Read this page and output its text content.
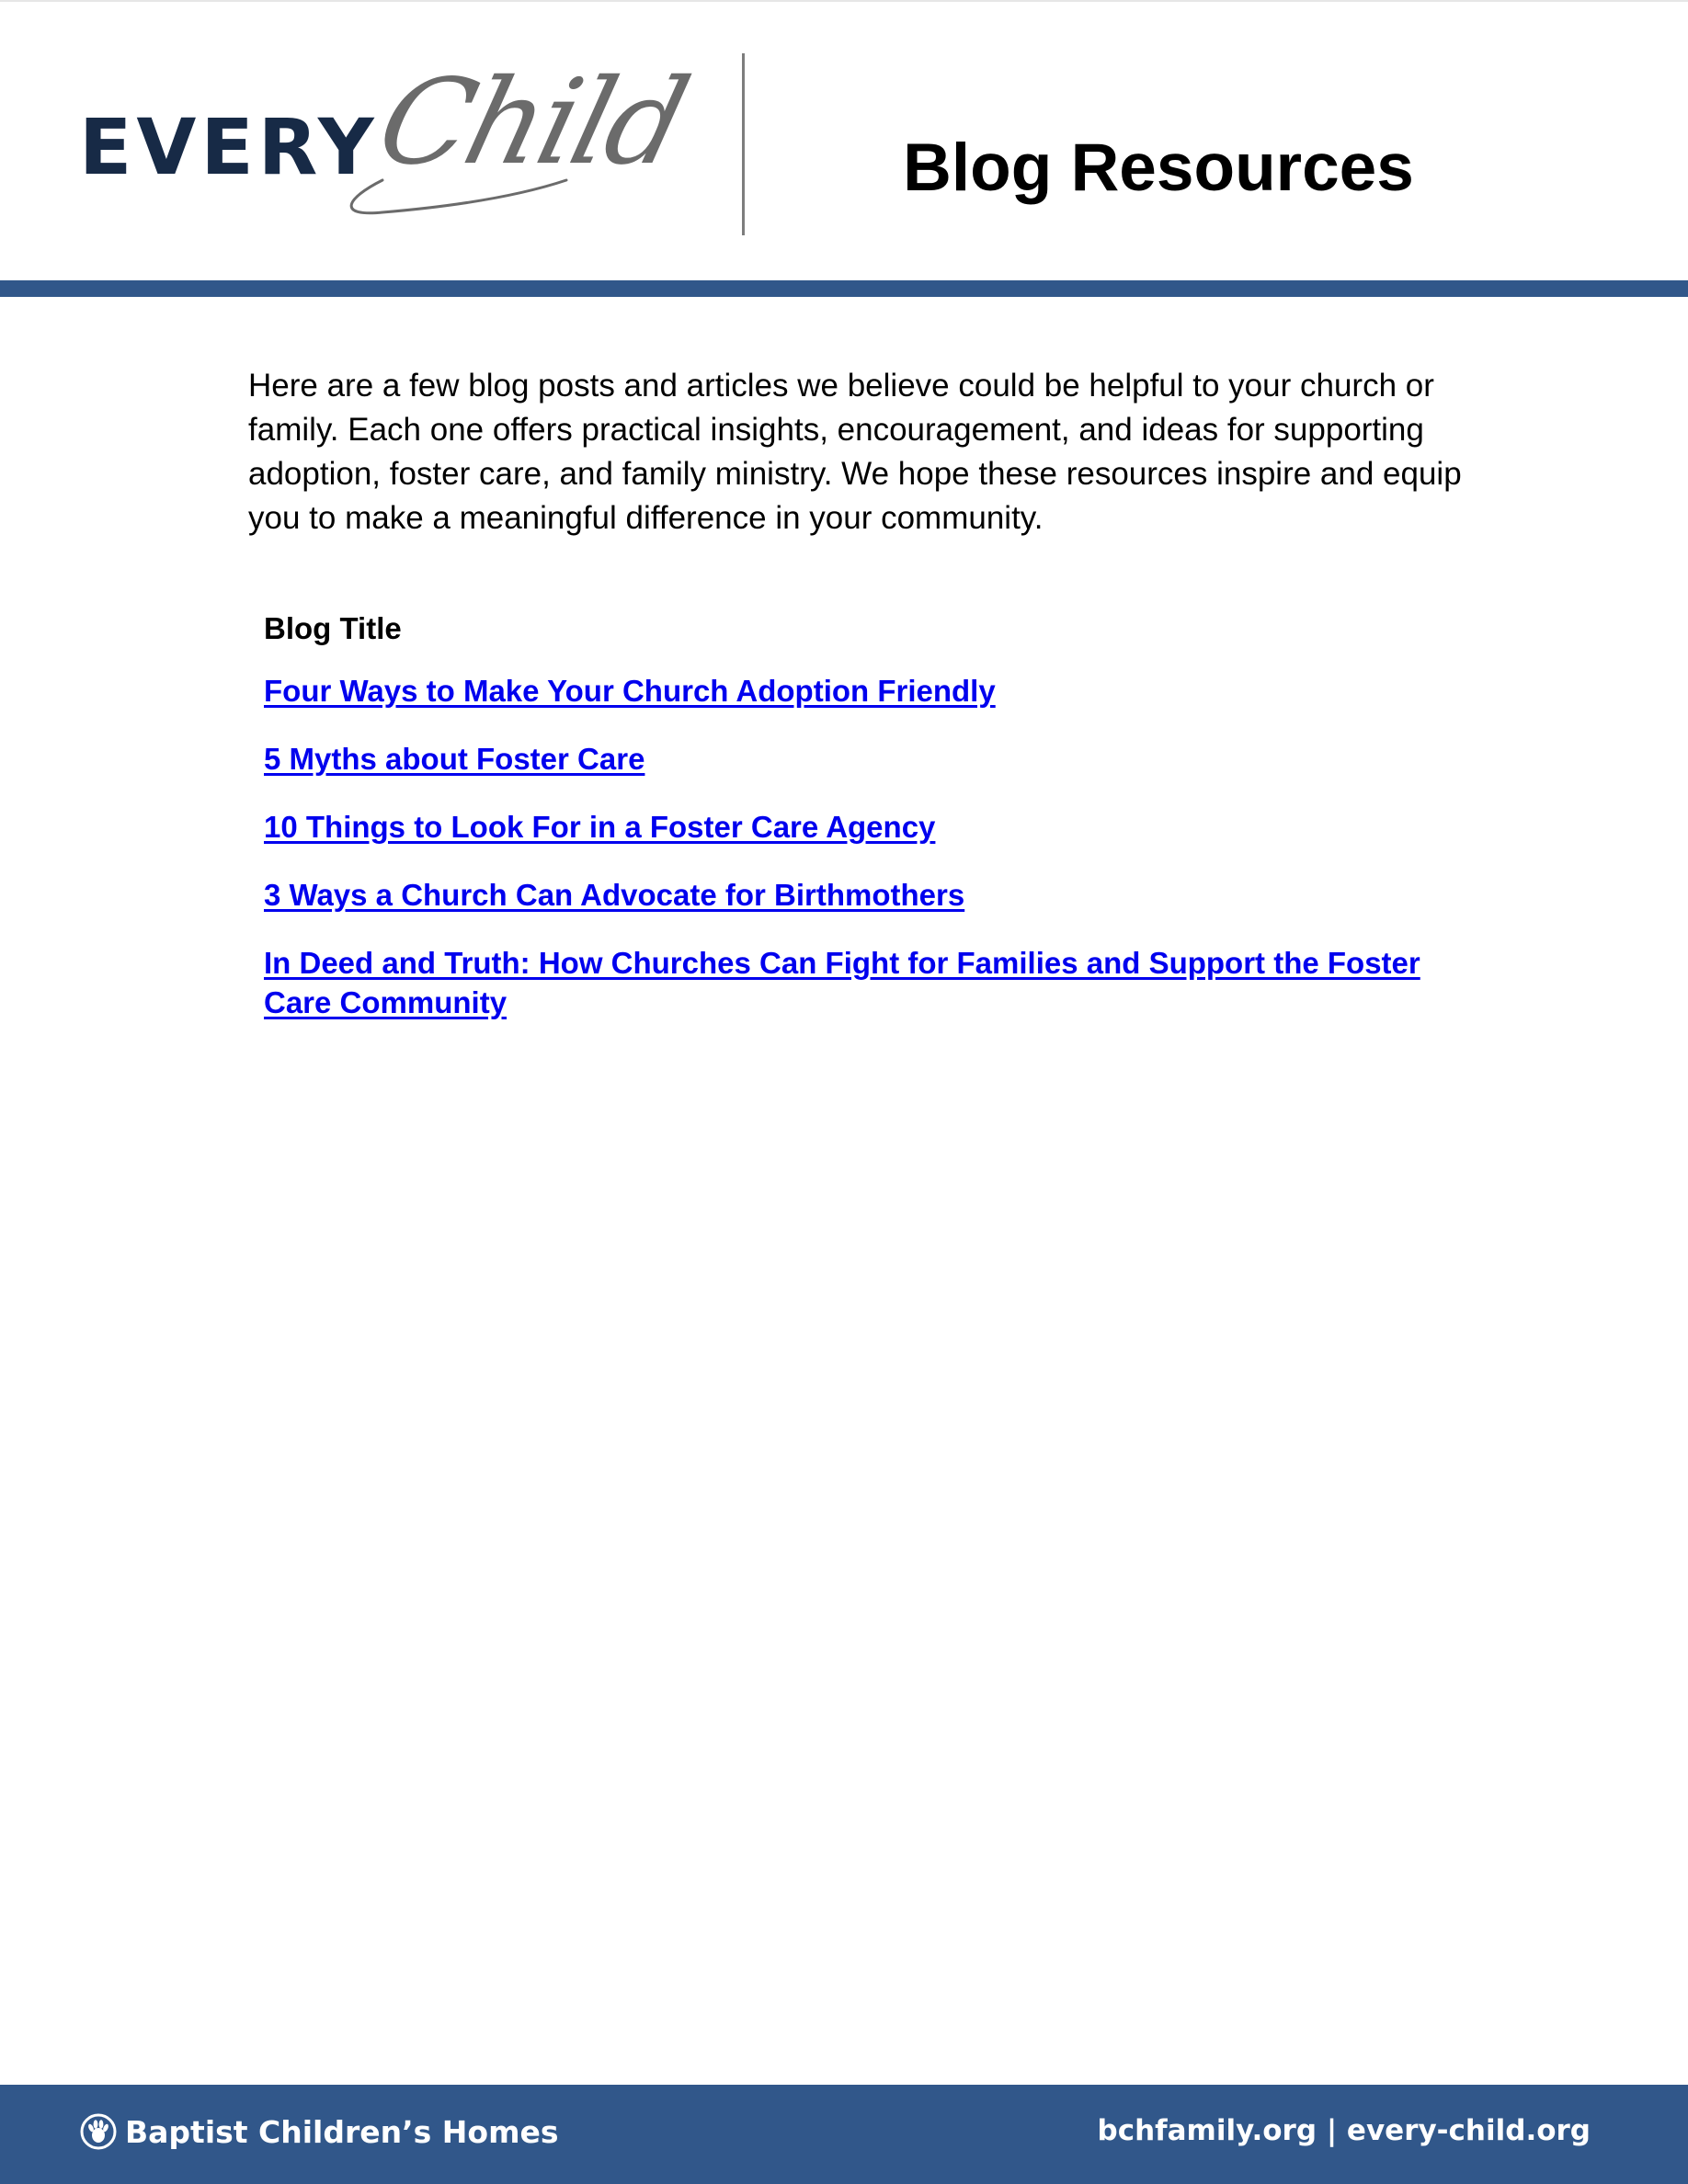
EVERY
Child	Blog Resources

Here are a few blog posts and articles we believe could be helpful to your church or family. Each one offers practical insights, encouragement, and ideas for supporting adoption, foster care, and family ministry. We hope these resources inspire and equip you to make a meaningful difference in your community.

Blog Title
Four Ways to Make Your Church Adoption Friendly
5 Myths about Foster Care
10 Things to Look For in a Foster Care Agency
3 Ways a Church Can Advocate for Birthmothers
In Deed and Truth: How Churches Can Fight for Families and Support the Foster Care Community
Baptist Children’s Homes	bchfamily.org | every-child.org
